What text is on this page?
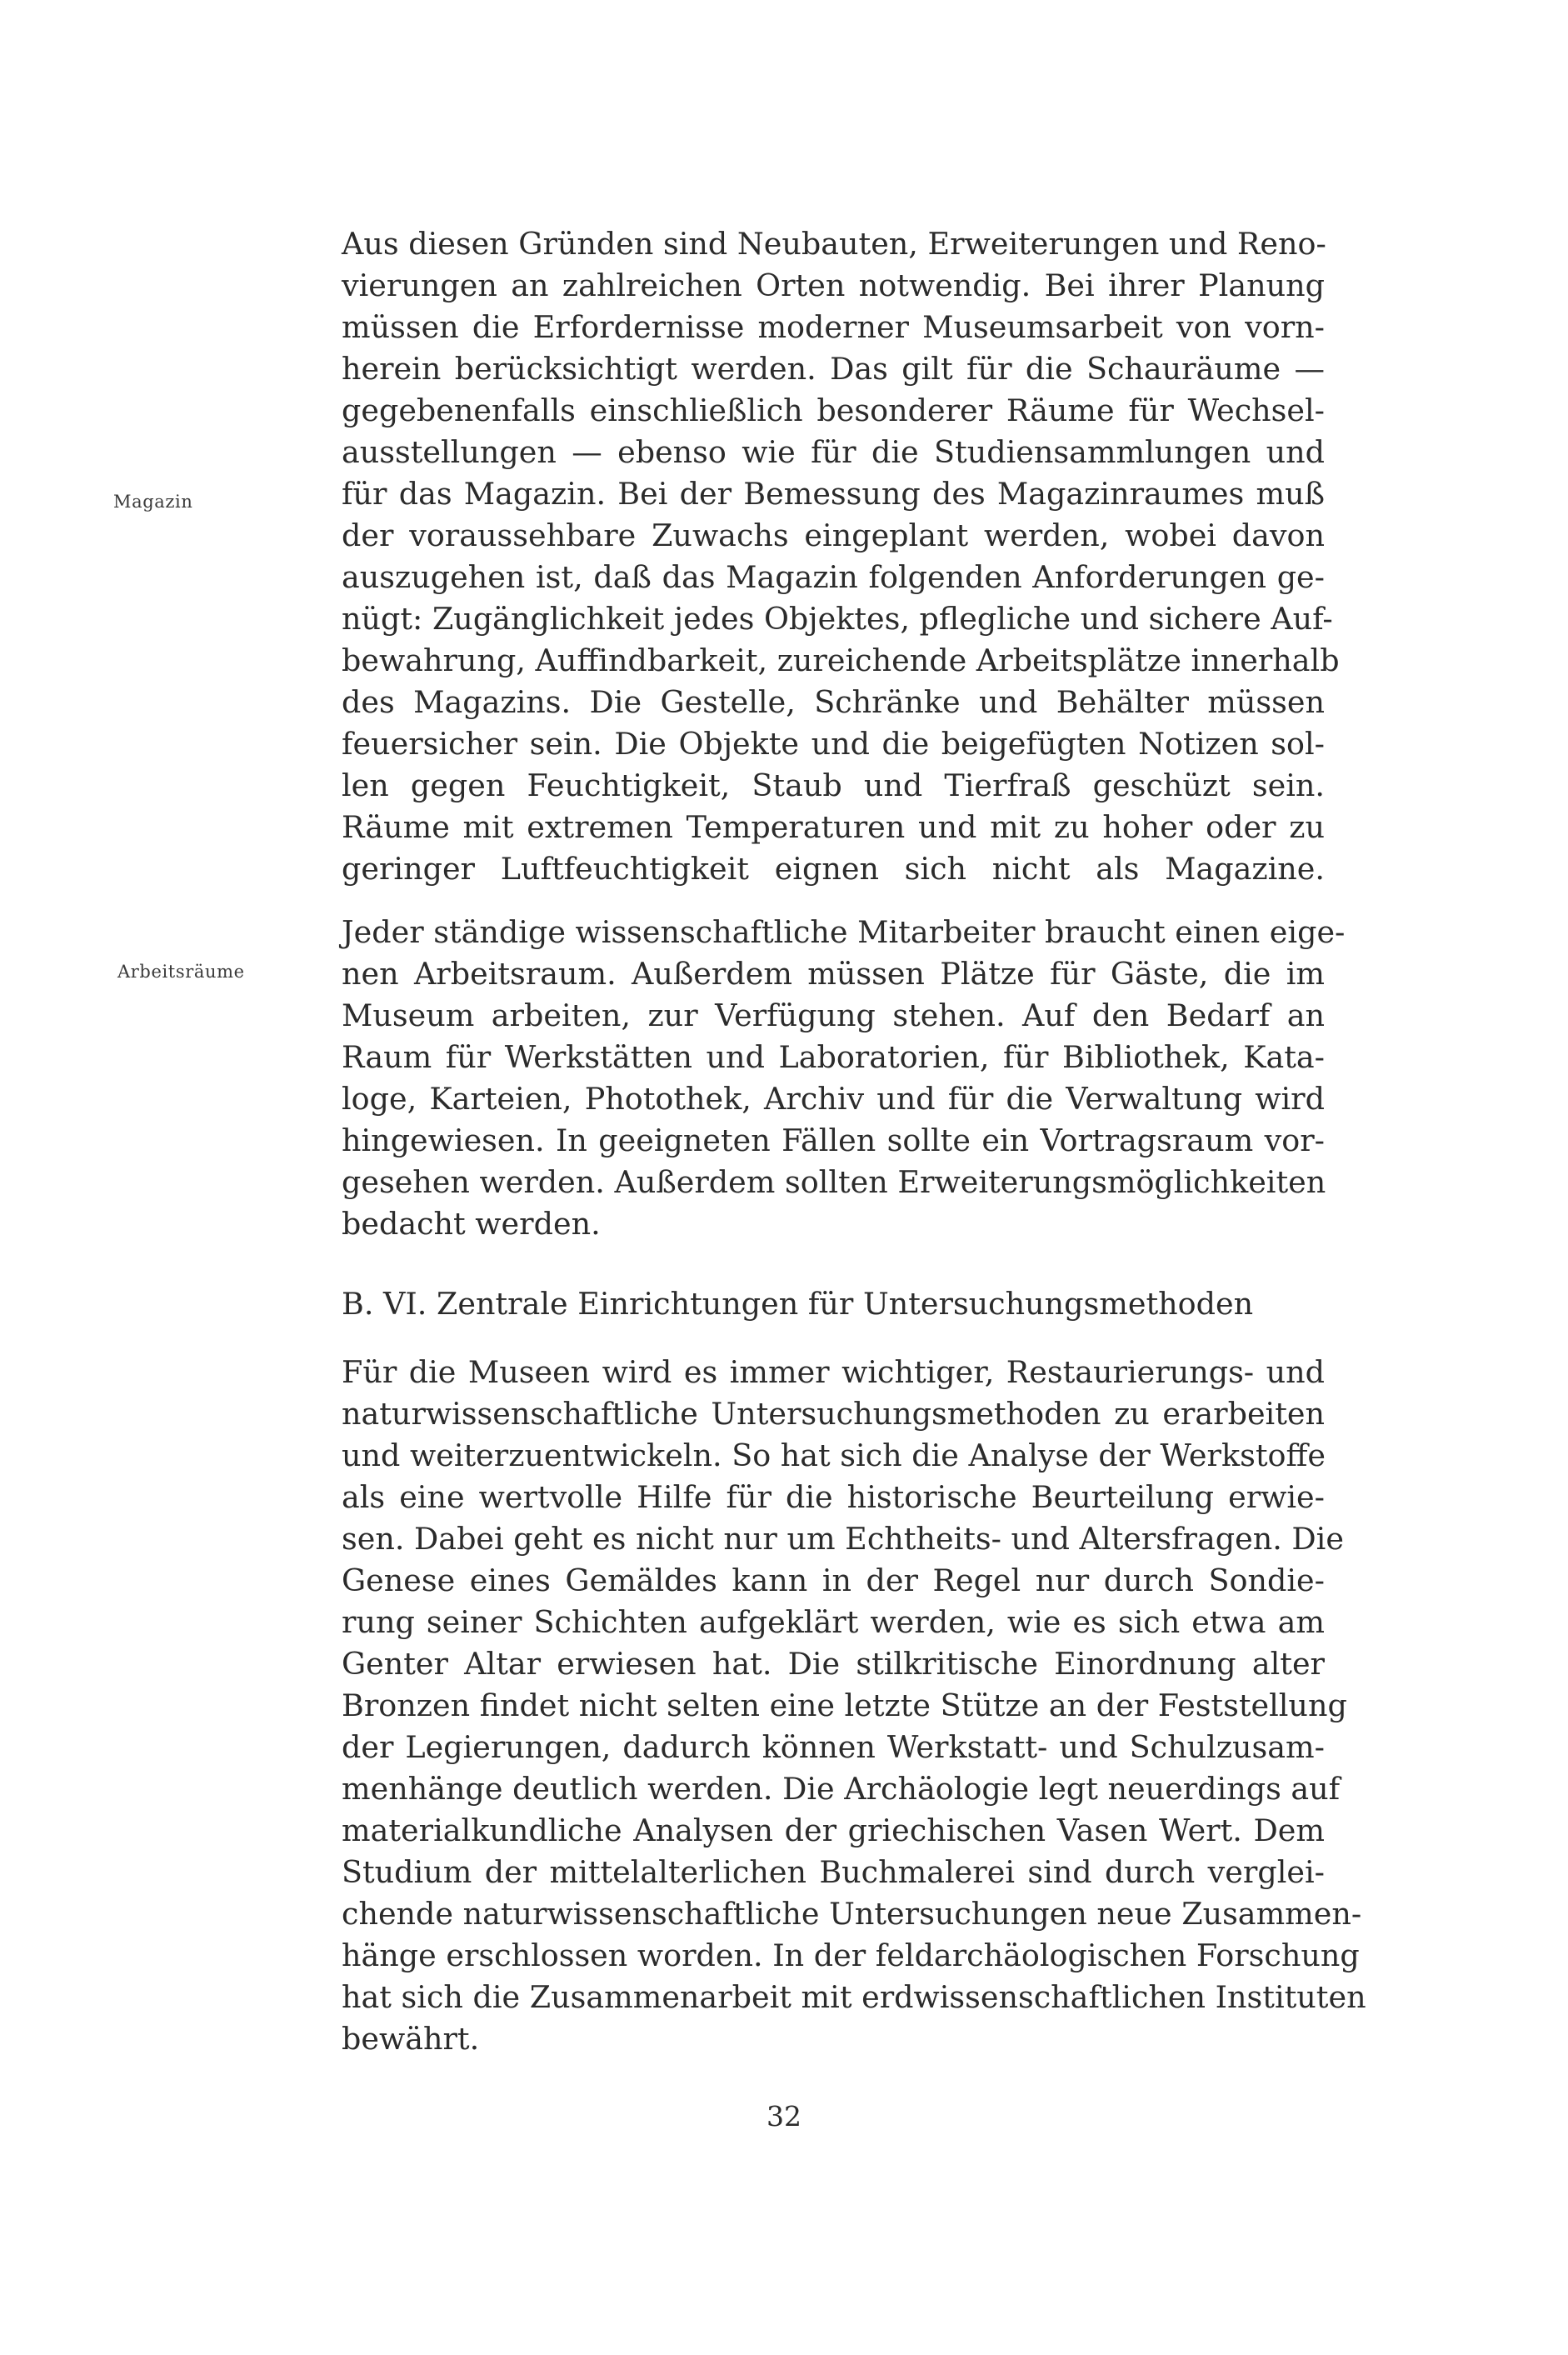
Magazin
Arbeitsräume
Aus diesen Gründen sind Neubauten, Erweiterungen und Reno-
vierungen an zahlreichen Orten notwendig. Bei ihrer Planung
müssen die Erfordernisse moderner Museumsarbeit von vorn-
herein berücksichtigt werden. Das gilt für die Schauräume —
gegebenenfalls einschließlich besonderer Räume für Wechsel-
ausstellungen — ebenso wie für die Studiensammlungen und
für das Magazin. Bei der Bemessung des Magazinraumes muß
der voraussehbare Zuwachs eingeplant werden, wobei davon
auszugehen ist, daß das Magazin folgenden Anforderungen ge-
nügt: Zugänglichkeit jedes Objektes, pflegliche und sichere Auf-
bewahrung, Auffindbarkeit, zureichende Arbeitsplätze innerhalb
des Magazins. Die Gestelle, Schränke und Behälter müssen
feuersicher sein. Die Objekte und die beigefügten Notizen sol-
len gegen Feuchtigkeit, Staub und Tierfraß geschüzt sein.
Räume mit extremen Temperaturen und mit zu hoher oder zu
geringer Luftfeuchtigkeit eignen sich nicht als Magazine.
Jeder ständige wissenschaftliche Mitarbeiter braucht einen eige-
nen Arbeitsraum. Außerdem müssen Plätze für Gäste, die im
Museum arbeiten, zur Verfügung stehen. Auf den Bedarf an
Raum für Werkstätten und Laboratorien, für Bibliothek, Kata-
loge, Karteien, Photothek, Archiv und für die Verwaltung wird
hingewiesen. In geeigneten Fällen sollte ein Vortragsraum vor-
gesehen werden. Außerdem sollten Erweiterungsmöglichkeiten
bedacht werden.
B. VI. Zentrale Einrichtungen für Untersuchungsmethoden
Für die Museen wird es immer wichtiger, Restaurierungs- und
naturwissenschaftliche Untersuchungsmethoden zu erarbeiten
und weiterzuentwickeln. So hat sich die Analyse der Werkstoffe
als eine wertvolle Hilfe für die historische Beurteilung erwie-
sen. Dabei geht es nicht nur um Echtheits- und Altersfragen. Die
Genese eines Gemäldes kann in der Regel nur durch Sondie-
rung seiner Schichten aufgeklärt werden, wie es sich etwa am
Genter Altar erwiesen hat. Die stilkritische Einordnung alter
Bronzen findet nicht selten eine letzte Stütze an der Feststellung
der Legierungen, dadurch können Werkstatt- und Schulzusam-
menhänge deutlich werden. Die Archäologie legt neuerdings auf
materialkundliche Analysen der griechischen Vasen Wert. Dem
Studium der mittelalterlichen Buchmalerei sind durch verglei-
chende naturwissenschaftliche Untersuchungen neue Zusammen-
hänge erschlossen worden. In der feldarchäologischen Forschung
hat sich die Zusammenarbeit mit erdwissenschaftlichen Instituten
bewährt.
32
